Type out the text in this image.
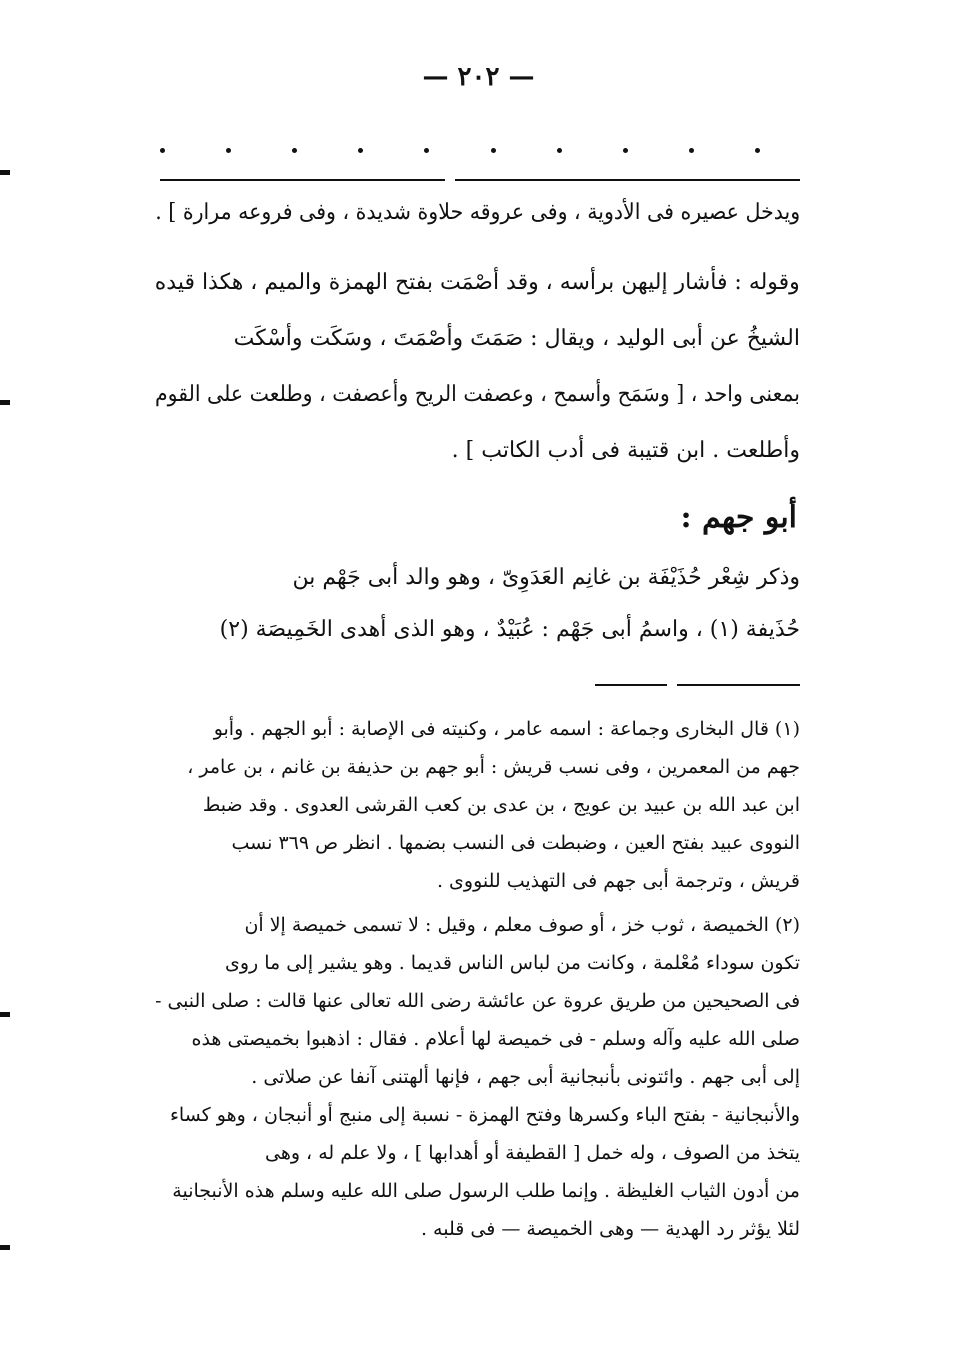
— ٢٠٢ —
ويدخل عصيره فى الأدوية ، وفى عروقه حلاوة شديدة ، وفى فروعه مرارة ] .
وقوله : فأشار إليهن برأسه ، وقد أصْمَت بفتح الهمزة والميم ، هكذا قيده
الشيخُ عن أبى الوليد ، ويقال : صَمَتَ وأصْمَتَ ، وسَكَت وأسْكَت
بمعنى واحد ، [ وسَمَح وأسمح ، وعصفت الريح وأعصفت ، وطلعت على القوم
وأطلعت . ابن قتيبة فى أدب الكاتب ] .
أبو جهم :
وذكر شِعْر حُذَيْفَة بن غانِم العَدَوِىّ ، وهو والد أبى جَهْم بن
حُذَيفة (١) ، واسمُ أبى جَهْم : عُبَيْدٌ ، وهو الذى أهدى الخَمِيصَة (٢)
(١) قال البخارى وجماعة : اسمه عامر ، وكنيته فى الإصابة : أبو الجهم . وأبو
جهم من المعمرين ، وفى نسب قريش : أبو جهم بن حذيفة بن غانم ، بن عامر ،
ابن عبد الله بن عبيد بن عويج ، بن عدى بن كعب القرشى العدوى . وقد ضبط
النووى عبيد بفتح العين ، وضبطت فى النسب بضمها . انظر ص ٣٦٩ نسب
قريش ، وترجمة أبى جهم فى التهذيب للنووى .
(٢) الخميصة ، ثوب خز ، أو صوف معلم ، وقيل : لا تسمى خميصة إلا أن
تكون سوداء مُعْلمة ، وكانت من لباس الناس قديما . وهو يشير إلى ما روى
فى الصحيحين من طريق عروة عن عائشة رضى الله تعالى عنها قالت : صلى النبى -
صلى الله عليه وآله وسلم - فى خميصة لها أعلام . فقال : اذهبوا بخميصتى هذه
إلى أبى جهم . وائتونى بأنبجانية أبى جهم ، فإنها ألهتنى آنفا عن صلاتى .
والأنبجانية - بفتح الباء وكسرها وفتح الهمزة - نسبة إلى منبج أو أنبجان ، وهو كساء
يتخذ من الصوف ، وله خمل [ القطيفة أو أهدابها ] ، ولا علم له ، وهى
من أدون الثياب الغليظة . وإنما طلب الرسول صلى الله عليه وسلم هذه الأنبجانية
لئلا يؤثر رد الهدية — وهى الخميصة — فى قلبه .
